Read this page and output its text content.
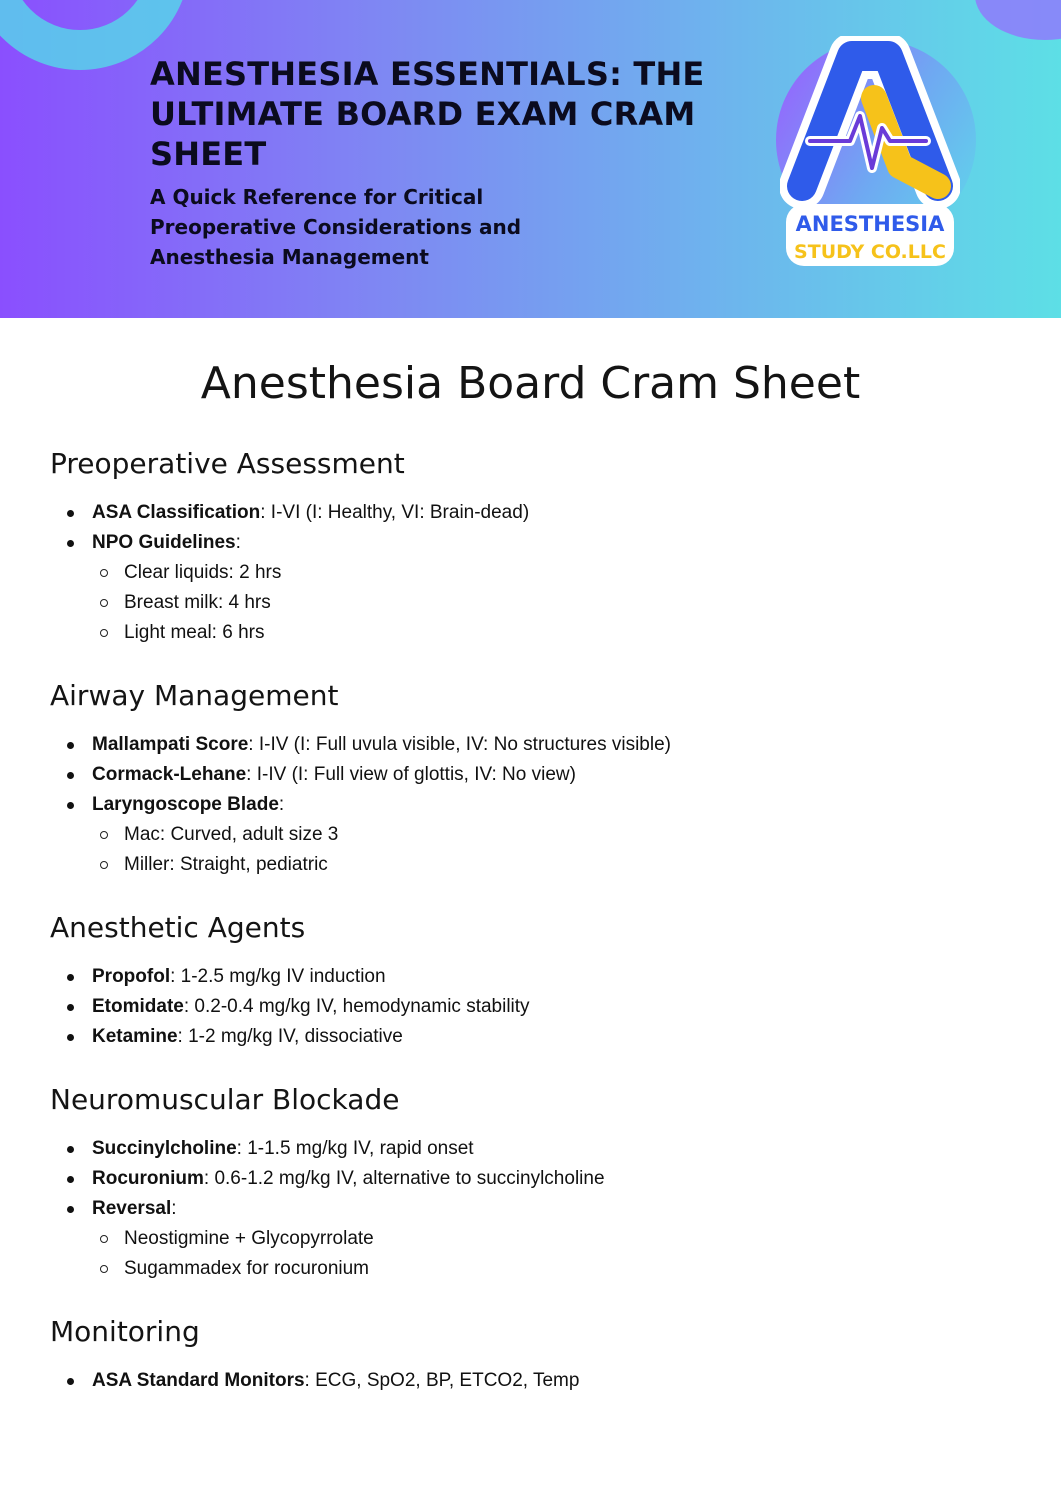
ANESTHESIA ESSENTIALS: THE ULTIMATE BOARD EXAM CRAM SHEET

A Quick Reference for Critical Preoperative Considerations and Anesthesia Management

ANESTHESIA
STUDY CO.LLC
Anesthesia Board Cram Sheet
Preoperative Assessment
ASA Classification: I-VI (I: Healthy, VI: Brain-dead)
NPO Guidelines:
Clear liquids: 2 hrs
Breast milk: 4 hrs
Light meal: 6 hrs
Airway Management
Mallampati Score: I-IV (I: Full uvula visible, IV: No structures visible)
Cormack-Lehane: I-IV (I: Full view of glottis, IV: No view)
Laryngoscope Blade:
Mac: Curved, adult size 3
Miller: Straight, pediatric
Anesthetic Agents
Propofol: 1-2.5 mg/kg IV induction
Etomidate: 0.2-0.4 mg/kg IV, hemodynamic stability
Ketamine: 1-2 mg/kg IV, dissociative
Neuromuscular Blockade
Succinylcholine: 1-1.5 mg/kg IV, rapid onset
Rocuronium: 0.6-1.2 mg/kg IV, alternative to succinylcholine
Reversal:
Neostigmine + Glycopyrrolate
Sugammadex for rocuronium
Monitoring
ASA Standard Monitors: ECG, SpO2, BP, ETCO2, Temp
